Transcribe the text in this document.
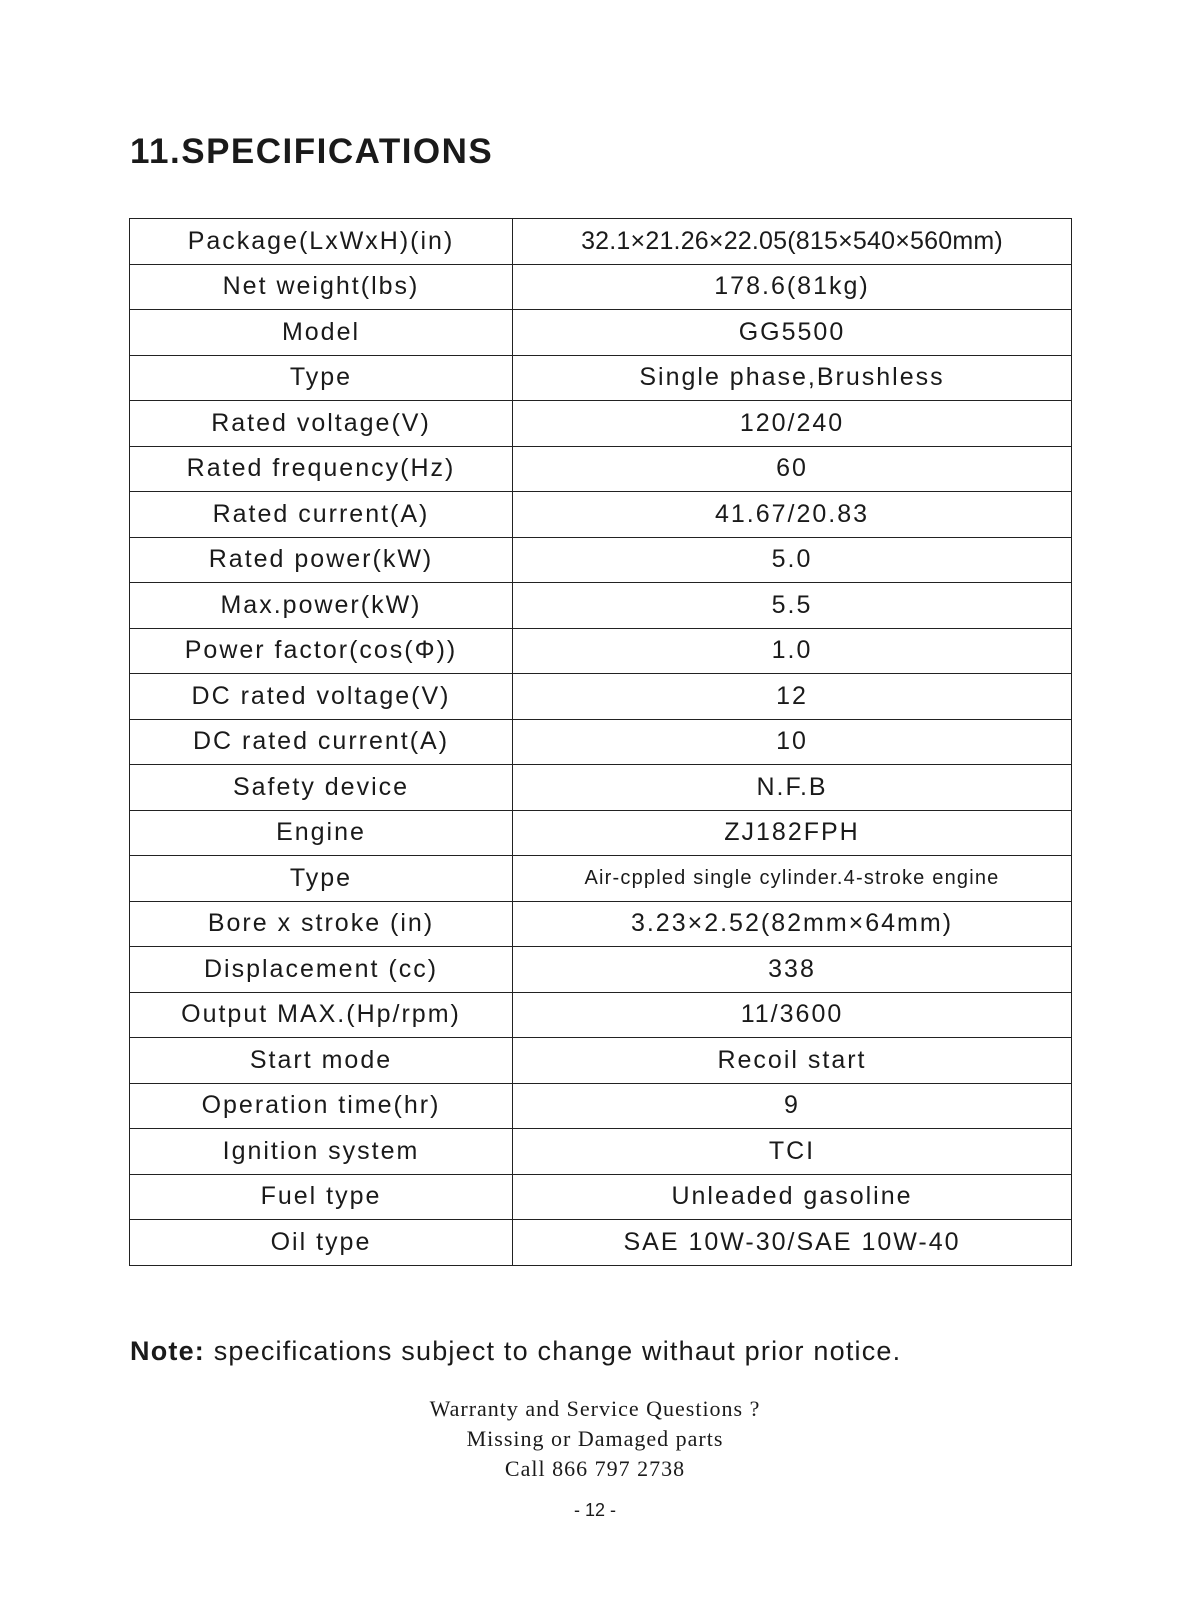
11.SPECIFICATIONS
Package(LxWxH)(in)	32.1×21.26×22.05(815×540×560mm)
Net weight(lbs)	178.6(81kg)
Model	GG5500
Type	Single phase,Brushless
Rated voltage(V)	120/240
Rated frequency(Hz)	60
Rated current(A)	41.67/20.83
Rated power(kW)	5.0
Max.power(kW)	5.5
Power factor(cos(Φ))	1.0
DC rated voltage(V)	12
DC rated current(A)	10
Safety device	N.F.B
Engine	ZJ182FPH
Type	Air-cppled single cylinder.4-stroke engine
Bore x stroke (in)	3.23×2.52(82mm×64mm)
Displacement (cc)	338
Output MAX.(Hp/rpm)	11/3600
Start mode	Recoil start
Operation time(hr)	9
Ignition system	TCI
Fuel type	Unleaded gasoline
Oil type	SAE 10W-30/SAE 10W-40

Note: specifications subject to change withaut prior notice.

Warranty and Service Questions ?
Missing or Damaged parts
Call 866 797 2738
- 12 -
